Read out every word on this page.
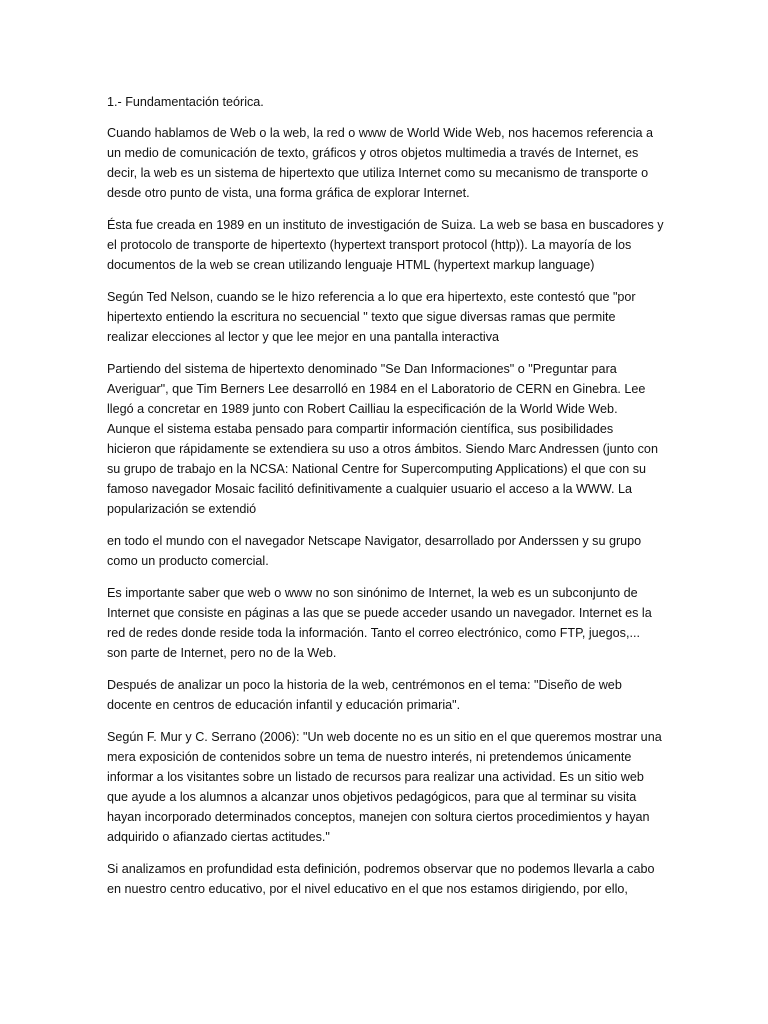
1.- Fundamentación teórica.
Cuando hablamos de Web o la web, la red o www de World Wide Web, nos hacemos referencia a
un medio de comunicación de texto, gráficos y otros objetos multimedia a través de Internet, es
decir, la web es un sistema de hipertexto que utiliza Internet como su mecanismo de transporte o
desde otro punto de vista, una forma gráfica de explorar Internet.
Ésta fue creada en 1989 en un instituto de investigación de Suiza. La web se basa en buscadores y
el protocolo de transporte de hipertexto (hypertext transport protocol (http)). La mayoría de los
documentos de la web se crean utilizando lenguaje HTML (hypertext markup language)
Según Ted Nelson, cuando se le hizo referencia a lo que era hipertexto, este contestó que "por
hipertexto entiendo la escritura no secuencial " texto que sigue diversas ramas que permite
realizar elecciones al lector y que lee mejor en una pantalla interactiva
Partiendo del sistema de hipertexto denominado "Se Dan Informaciones" o "Preguntar para
Averiguar", que Tim Berners Lee desarrolló en 1984 en el Laboratorio de CERN en Ginebra. Lee
llegó a concretar en 1989 junto con Robert Cailliau la especificación de la World Wide Web.
Aunque el sistema estaba pensado para compartir información científica, sus posibilidades
hicieron que rápidamente se extendiera su uso a otros ámbitos. Siendo Marc Andressen (junto con
su grupo de trabajo en la NCSA: National Centre for Supercomputing Applications) el que con su
famoso navegador Mosaic facilitó definitivamente a cualquier usuario el acceso a la WWW. La
popularización se extendió
en todo el mundo con el navegador Netscape Navigator, desarrollado por Anderssen y su grupo
como un producto comercial.
Es importante saber que web o www no son sinónimo de Internet, la web es un subconjunto de
Internet que consiste en páginas a las que se puede acceder usando un navegador. Internet es la
red de redes donde reside toda la información. Tanto el correo electrónico, como FTP, juegos,...
son parte de Internet, pero no de la Web.
Después de analizar un poco la historia de la web, centrémonos en el tema: "Diseño de web
docente en centros de educación infantil y educación primaria".
Según F. Mur y C. Serrano (2006): "Un web docente no es un sitio en el que queremos mostrar una
mera exposición de contenidos sobre un tema de nuestro interés, ni pretendemos únicamente
informar a los visitantes sobre un listado de recursos para realizar una actividad. Es un sitio web
que ayude a los alumnos a alcanzar unos objetivos pedagógicos, para que al terminar su visita
hayan incorporado determinados conceptos, manejen con soltura ciertos procedimientos y hayan
adquirido o afianzado ciertas actitudes."
Si analizamos en profundidad esta definición, podremos observar que no podemos llevarla a cabo
en nuestro centro educativo, por el nivel educativo en el que nos estamos dirigiendo, por ello,
